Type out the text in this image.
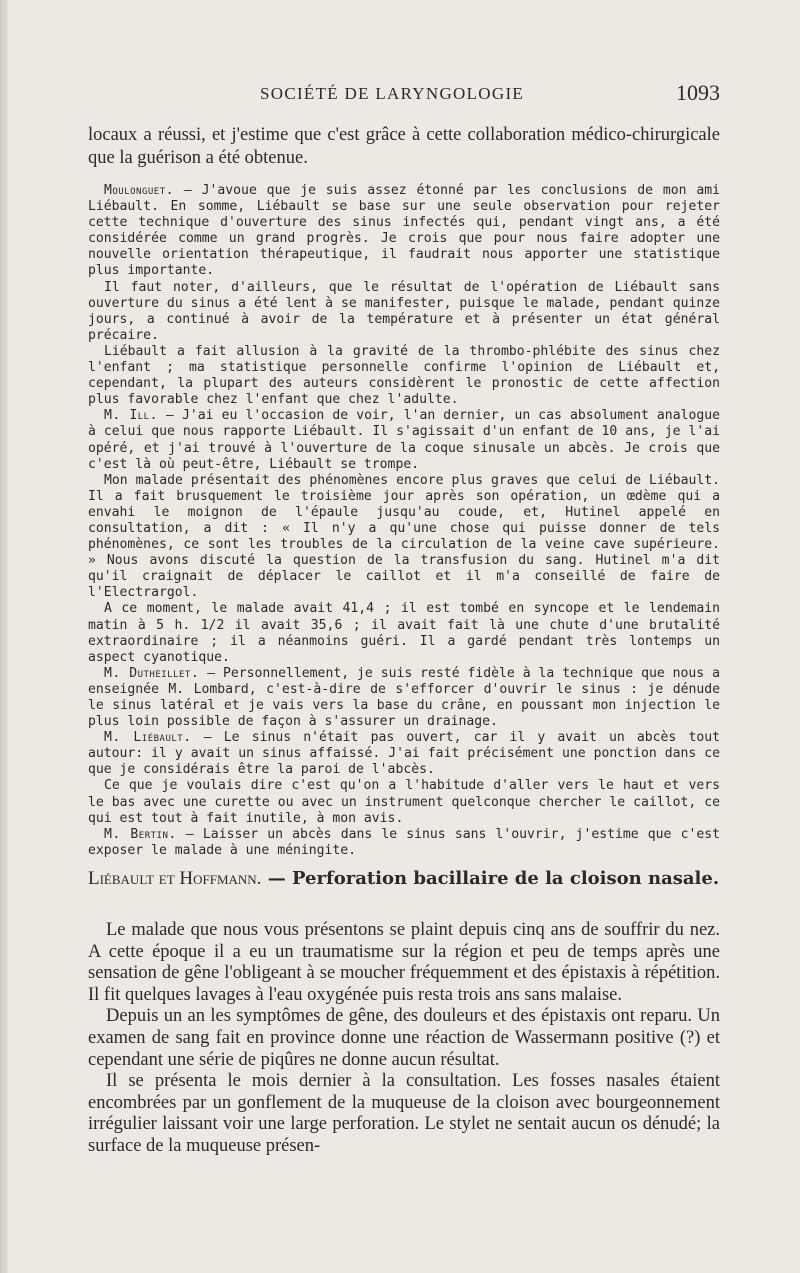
SOCIÉTÉ DE LARYNGOLOGIE	1093

locaux a réussi, et j'estime que c'est grâce à cette collaboration médico-chirurgicale que la guérison a été obtenue.

Moulonguet. — J'avoue que je suis assez étonné par les conclusions de mon ami Liébault. En somme, Liébault se base sur une seule observation pour rejeter cette technique d'ouverture des sinus infectés qui, pendant vingt ans, a été considérée comme un grand progrès. Je crois que pour nous faire adopter une nouvelle orientation thérapeutique, il faudrait nous apporter une statistique plus importante.

Il faut noter, d'ailleurs, que le résultat de l'opération de Liébault sans ouverture du sinus a été lent à se manifester, puisque le malade, pendant quinze jours, a continué à avoir de la température et à présenter un état général précaire.

Liébault a fait allusion à la gravité de la thrombo-phlébite des sinus chez l'enfant ; ma statistique personnelle confirme l'opinion de Liébault et, cependant, la plupart des auteurs considèrent le pronostic de cette affection plus favorable chez l'enfant que chez l'adulte.

M. Ill. — J'ai eu l'occasion de voir, l'an dernier, un cas absolument analogue à celui que nous rapporte Liébault. Il s'agissait d'un enfant de 10 ans, je l'ai opéré, et j'ai trouvé à l'ouverture de la coque sinusale un abcès. Je crois que c'est là où peut-être, Liébault se trompe.

Mon malade présentait des phénomènes encore plus graves que celui de Liébault. Il a fait brusquement le troisième jour après son opération, un œdème qui a envahi le moignon de l'épaule jusqu'au coude, et, Hutinel appelé en consultation, a dit : « Il n'y a qu'une chose qui puisse donner de tels phénomènes, ce sont les troubles de la circulation de la veine cave supérieure. » Nous avons discuté la question de la transfusion du sang. Hutinel m'a dit qu'il craignait de déplacer le caillot et il m'a conseillé de faire de l'Electrargol.

A ce moment, le malade avait 41,4 ; il est tombé en syncope et le lendemain matin à 5 h. 1/2 il avait 35,6 ; il avait fait là une chute d'une brutalité extraordinaire ; il a néanmoins guéri. Il a gardé pendant très lontemps un aspect cyanotique.

M. Dutheillet. — Personnellement, je suis resté fidèle à la technique que nous a enseignée M. Lombard, c'est-à-dire de s'efforcer d'ouvrir le sinus : je dénude le sinus latéral et je vais vers la base du crâne, en poussant mon injection le plus loin possible de façon à s'assurer un drainage.

M. Liébault. — Le sinus n'était pas ouvert, car il y avait un abcès tout autour: il y avait un sinus affaissé. J'ai fait précisément une ponction dans ce que je considérais être la paroi de l'abcès.

Ce que je voulais dire c'est qu'on a l'habitude d'aller vers le haut et vers le bas avec une curette ou avec un instrument quelconque chercher le caillot, ce qui est tout à fait inutile, à mon avis.

M. Bertin. — Laisser un abcès dans le sinus sans l'ouvrir, j'estime que c'est exposer le malade à une méningite.

Liébault et Hoffmann. — Perforation bacillaire de la cloison nasale.

Le malade que nous vous présentons se plaint depuis cinq ans de souffrir du nez. A cette époque il a eu un traumatisme sur la région et peu de temps après une sensation de gêne l'obligeant à se moucher fréquemment et des épistaxis à répétition. Il fit quelques lavages à l'eau oxygénée puis resta trois ans sans malaise.

Depuis un an les symptômes de gêne, des douleurs et des épistaxis ont reparu. Un examen de sang fait en province donne une réaction de Wassermann positive (?) et cependant une série de piqûres ne donne aucun résultat.

Il se présenta le mois dernier à la consultation. Les fosses nasales étaient encombrées par un gonflement de la muqueuse de la cloison avec bourgeonnement irrégulier laissant voir une large perforation. Le stylet ne sentait aucun os dénudé; la surface de la muqueuse présen-
